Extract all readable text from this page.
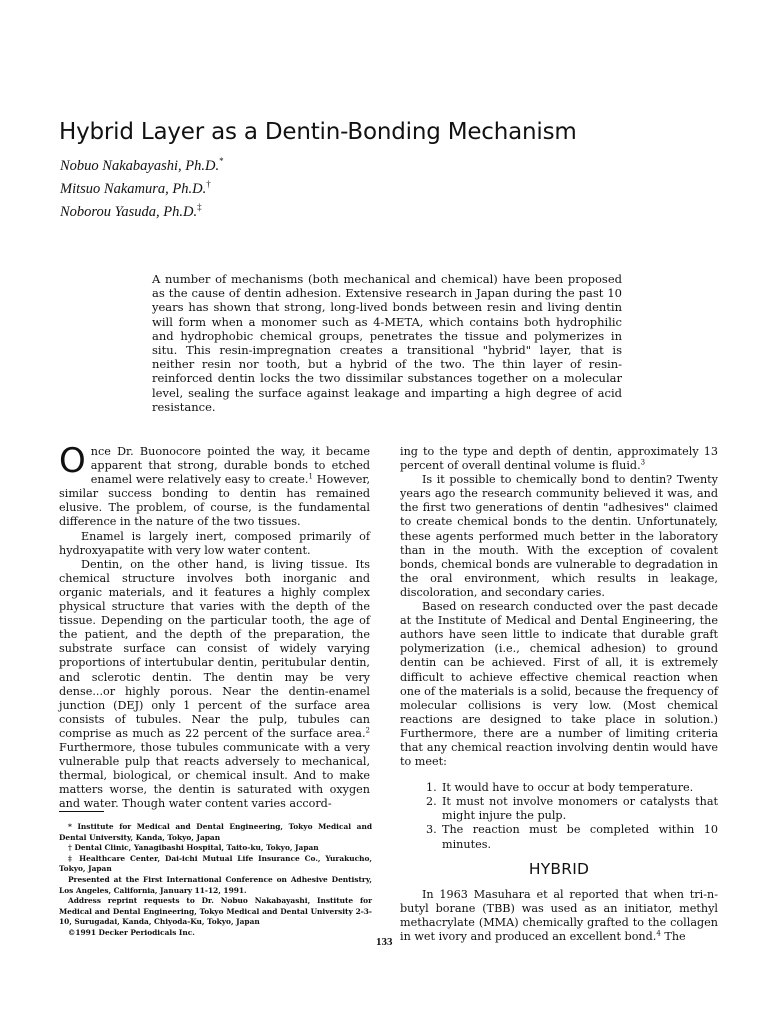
Hybrid Layer as a Dentin-Bonding Mechanism
Nobuo Nakabayashi, Ph.D.*
Mitsuo Nakamura, Ph.D.†
Noborou Yasuda, Ph.D.‡

A number of mechanisms (both mechanical and chemical) have been proposed as the cause of dentin adhesion. Extensive research in Japan during the past 10 years has shown that strong, long-lived bonds between resin and living dentin will form when a monomer such as 4-META, which contains both hydrophilic and hydrophobic chemical groups, penetrates the tissue and polymerizes in situ. This resin-impregnation creates a transitional "hybrid" layer, that is neither resin nor tooth, but a hybrid of the two. The thin layer of resin-reinforced dentin locks the two dissimilar substances together on a molecular level, sealing the surface against leakage and imparting a high degree of acid resistance.

Once Dr. Buonocore pointed the way, it became apparent that strong, durable bonds to etched enamel were relatively easy to create.$^1$ However, similar success bonding to dentin has remained elusive. The problem, of course, is the fundamental difference in the nature of the two tissues.

Enamel is largely inert, composed primarily of hydroxyapatite with very low water content.

Dentin, on the other hand, is living tissue. Its chemical structure involves both inorganic and organic materials, and it features a highly complex physical structure that varies with the depth of the tissue. Depending on the particular tooth, the age of the patient, and the depth of the preparation, the substrate surface can consist of widely varying proportions of intertubular dentin, peritubular dentin, and sclerotic dentin. The dentin may be very dense...or highly porous. Near the dentin-enamel junction (DEJ) only 1 percent of the surface area consists of tubules. Near the pulp, tubules can comprise as much as 22 percent of the surface area.$^2$ Furthermore, those tubules communicate with a very vulnerable pulp that reacts adversely to mechanical, thermal, biological, or chemical insult. And to make matters worse, the dentin is saturated with oxygen and water. Though water content varies accord-

ing to the type and depth of dentin, approximately 13 percent of overall dentinal volume is fluid.$^3$

Is it possible to chemically bond to dentin? Twenty years ago the research community believed it was, and the first two generations of dentin "adhesives" claimed to create chemical bonds to the dentin. Unfortunately, these agents performed much better in the laboratory than in the mouth. With the exception of covalent bonds, chemical bonds are vulnerable to degradation in the oral environment, which results in leakage, discoloration, and secondary caries.

Based on research conducted over the past decade at the Institute of Medical and Dental Engineering, the authors have seen little to indicate that durable graft polymerization (i.e., chemical adhesion) to ground dentin can be achieved. First of all, it is extremely difficult to achieve effective chemical reaction when one of the materials is a solid, because the frequency of molecular collisions is very low. (Most chemical reactions are designed to take place in solution.) Furthermore, there are a number of limiting criteria that any chemical reaction involving dentin would have to meet:

1. It would have to occur at body temperature.
2. It must not involve monomers or catalysts that might injure the pulp.
3. The reaction must be completed within 10 minutes.
HYBRID

In 1963 Masuhara et al reported that when tri-n-butyl borane (TBB) was used as an initiator, methyl methacrylate (MMA) chemically grafted to the collagen in wet ivory and produced an excellent bond.$^4$ The

* Institute for Medical and Dental Engineering, Tokyo Medical and Dental University, Kanda, Tokyo, Japan

† Dental Clinic, Yanagibashi Hospital, Taito-ku, Tokyo, Japan

‡ Healthcare Center, Dai-ichi Mutual Life Insurance Co., Yurakucho, Tokyo, Japan

Presented at the First International Conference on Adhesive Dentistry, Los Angeles, California, January 11-12, 1991.

Address reprint requests to Dr. Nobuo Nakabayashi, Institute for Medical and Dental Engineering, Tokyo Medical and Dental University 2-3-10, Surugadai, Kanda, Chiyoda-Ku, Tokyo, Japan

©1991 Decker Periodicals Inc.

133
